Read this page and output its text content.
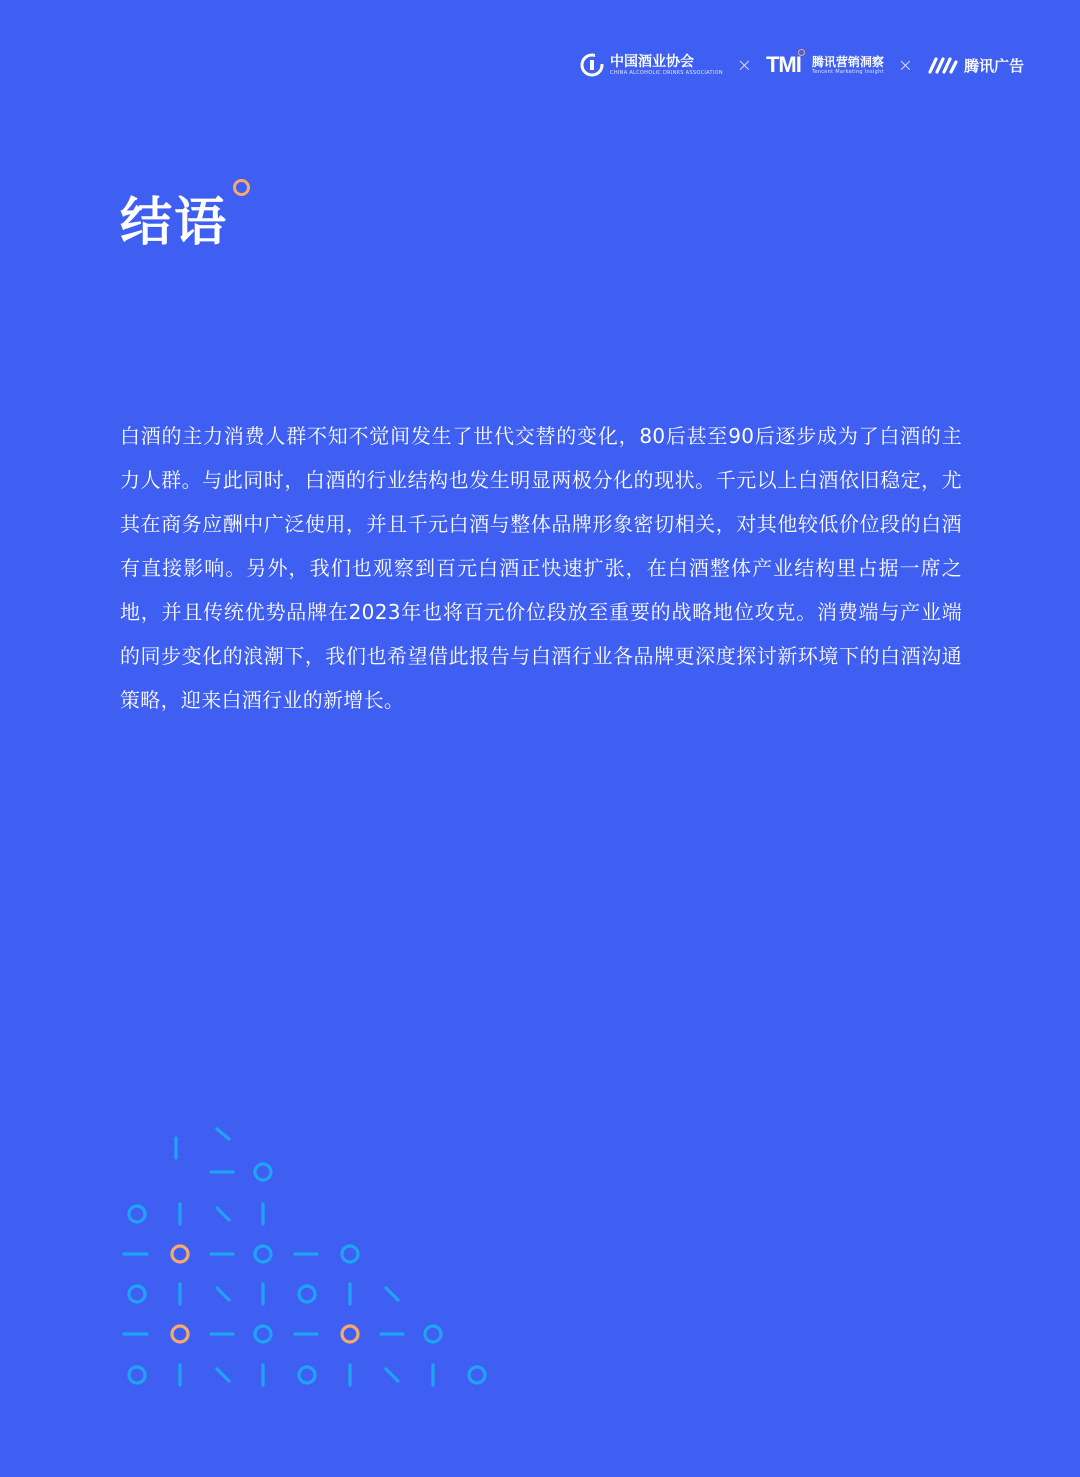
中国酒业协会
CHINA ALCOHOLIC DRINKS ASSOCIATION × TMI 腾讯营销洞察
Tencent Marketing Insight ×	腾讯广告
结语

白酒的主力消费人群不知不觉间发生了世代交替的变化，80后甚至90后逐步成为了白酒的主力人群。与此同时，白酒的行业结构也发生明显两极分化的现状。千元以上白酒依旧稳定，尤其在商务应酬中广泛使用，并且千元白酒与整体品牌形象密切相关，对其他较低价位段的白酒有直接影响。另外，我们也观察到百元白酒正快速扩张，在白酒整体产业结构里占据一席之地，并且传统优势品牌在2023年也将百元价位段放至重要的战略地位攻克。消费端与产业端的同步变化的浪潮下，我们也希望借此报告与白酒行业各品牌更深度探讨新环境下的白酒沟通策略，迎来白酒行业的新增长。
